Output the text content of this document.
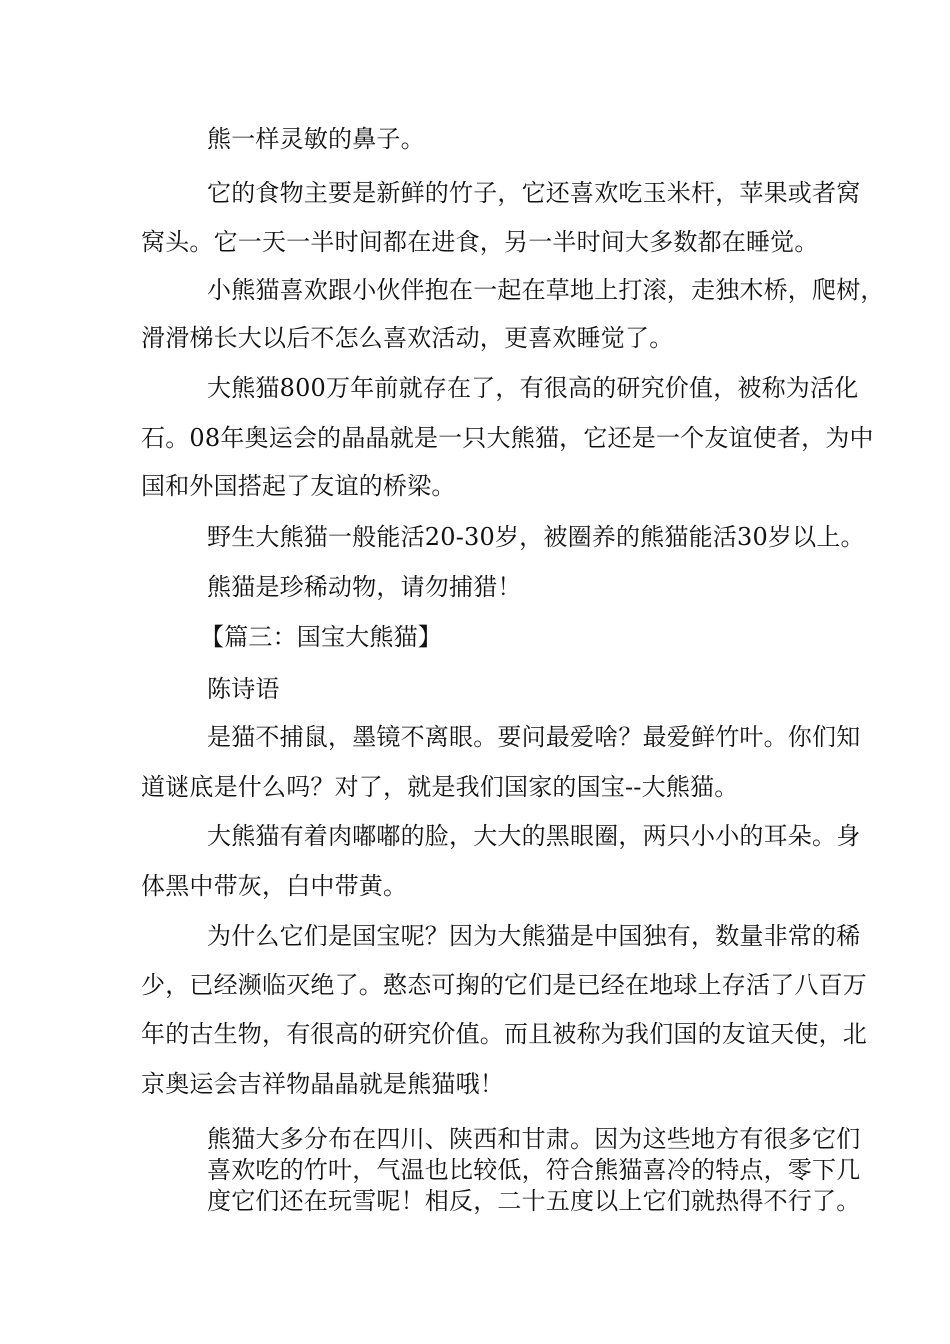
熊一样灵敏的鼻子。
它的食物主要是新鲜的竹子，它还喜欢吃玉米杆，苹果或者窝
窝头。它一天一半时间都在进食，另一半时间大多数都在睡觉。
小熊猫喜欢跟小伙伴抱在一起在草地上打滚，走独木桥，爬树，
滑滑梯长大以后不怎么喜欢活动，更喜欢睡觉了。
大熊猫800万年前就存在了，有很高的研究价值，被称为活化
石。08年奥运会的晶晶就是一只大熊猫，它还是一个友谊使者，为中
国和外国搭起了友谊的桥梁。
野生大熊猫一般能活20-30岁，被圈养的熊猫能活30岁以上。
熊猫是珍稀动物，请勿捕猎！
【篇三：国宝大熊猫】
陈诗语
是猫不捕鼠，墨镜不离眼。要问最爱啥？最爱鲜竹叶。你们知
道谜底是什么吗？对了，就是我们国家的国宝--大熊猫。
大熊猫有着肉嘟嘟的脸，大大的黑眼圈，两只小小的耳朵。身
体黑中带灰，白中带黄。
为什么它们是国宝呢？因为大熊猫是中国独有，数量非常的稀
少，已经濒临灭绝了。憨态可掬的它们是已经在地球上存活了八百万
年的古生物，有很高的研究价值。而且被称为我们国的友谊天使，北
京奥运会吉祥物晶晶就是熊猫哦！
熊猫大多分布在四川、陕西和甘肃。因为这些地方有很多它们
喜欢吃的竹叶，气温也比较低，符合熊猫喜冷的特点，零下几
度它们还在玩雪呢！相反，二十五度以上它们就热得不行了。
